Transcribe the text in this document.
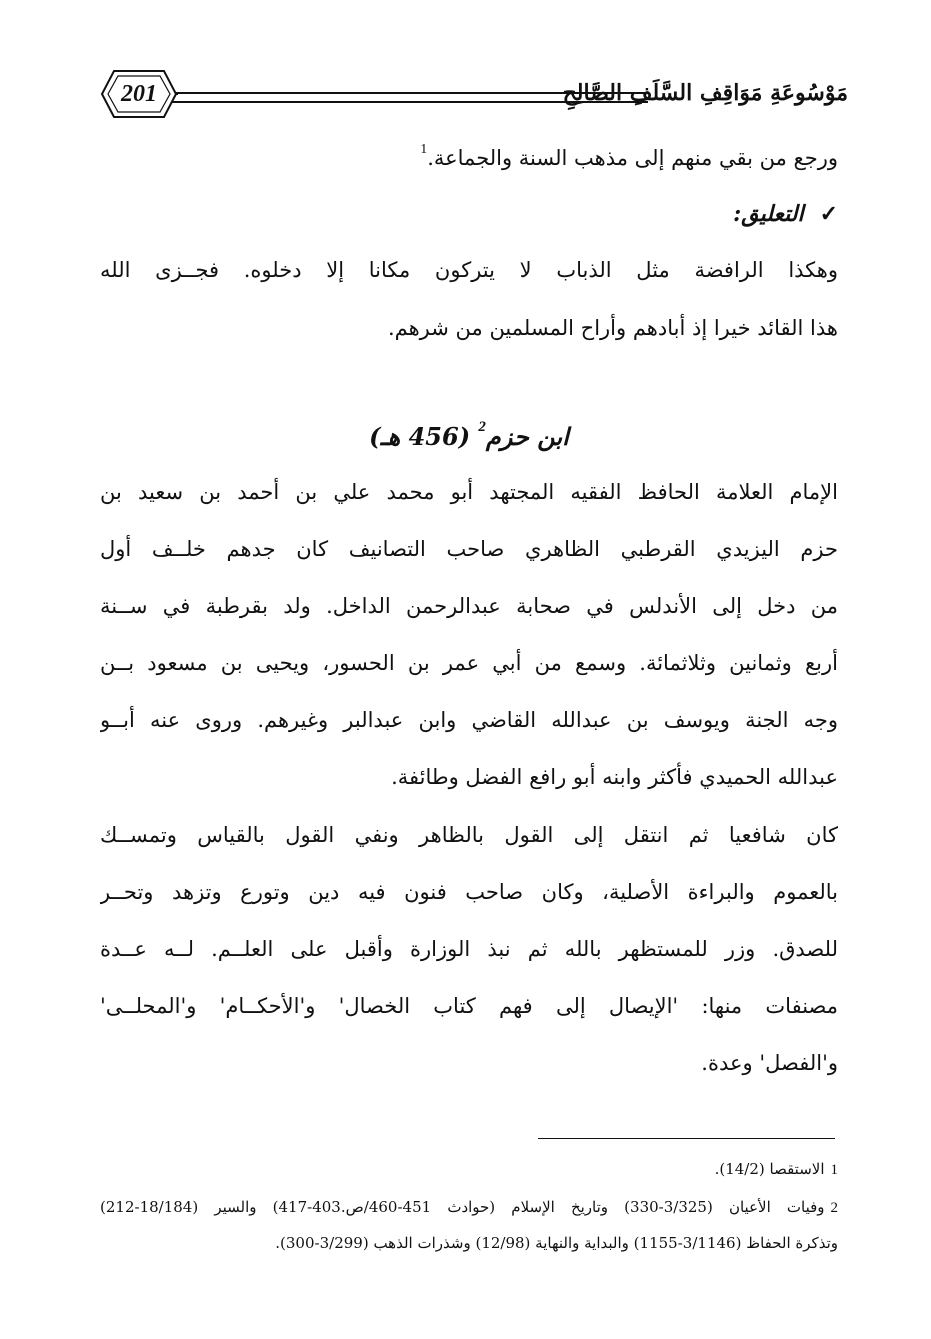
201	مَوْسُوعَةِ مَوَاقِفِ السَّلَفِ الصَّالِحِ
ورجع من بقي منهم إلى مذهب السنة والجماعة.$^1$
✓التعليق:
وهكذا الرافضة مثل الذباب لا يتركون مكانا إلا دخلوه. فجــزى الله
هذا القائد خيرا إذ أبادهم وأراح المسلمين من شرهم.
ابن حزم$^2$ (456 هـ)
الإمام العلامة الحافظ الفقيه المجتهد أبو محمد علي بن أحمد بن سعيد بن
حزم اليزيدي القرطبي الظاهري صاحب التصانيف كان جدهم خلــف أول
من دخل إلى الأندلس في صحابة عبدالرحمن الداخل. ولد بقرطبة في ســنة
أربع وثمانين وثلاثمائة. وسمع من أبي عمر بن الحسور، ويحيى بن مسعود بــن
وجه الجنة ويوسف بن عبدالله القاضي وابن عبدالبر وغيرهم. وروى عنه أبــو
عبدالله الحميدي فأكثر وابنه أبو رافع الفضل وطائفة.
كان شافعيا ثم انتقل إلى القول بالظاهر ونفي القول بالقياس وتمســك
بالعموم والبراءة الأصلية، وكان صاحب فنون فيه دين وتورع وتزهد وتحــر
للصدق. وزر للمستظهر بالله ثم نبذ الوزارة وأقبل على العلــم. لــه عــدة
مصنفات منها: 'الإيصال إلى فهم كتاب الخصال' و'الأحكــام' و'المحلــى'
و'الفصل' وعدة.
1الاستقصا (14/2).
2وفيات الأعيان (3/325-330) وتاريخ الإسلام (حوادث 451-460/ص.403-417) والسير (18/184-212)
وتذكرة الحفاظ (3/1146-1155) والبداية والنهاية (12/98) وشذرات الذهب (3/299-300).
